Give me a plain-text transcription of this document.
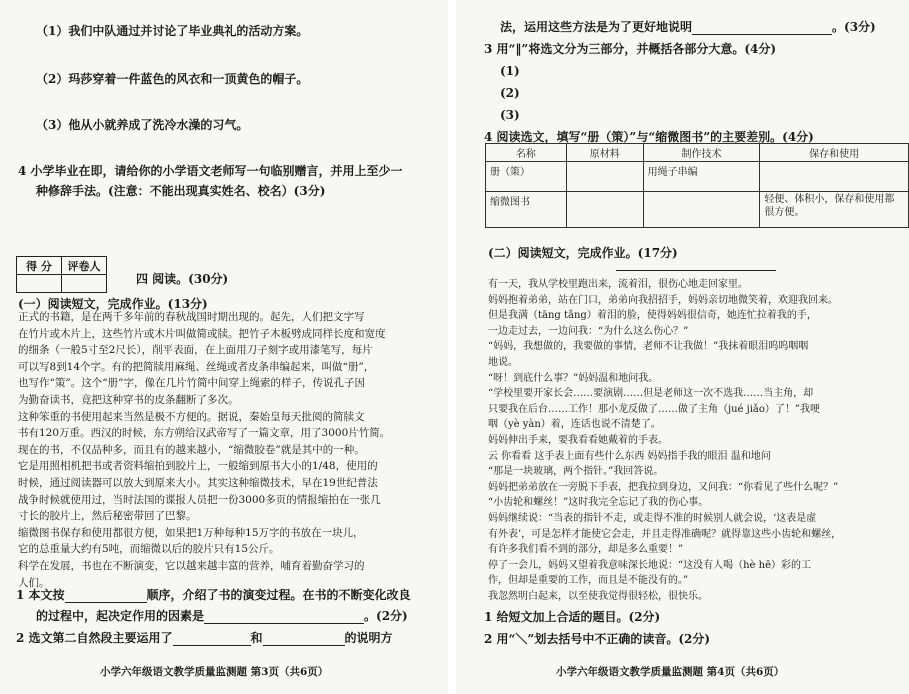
（1）我们中队通过并讨论了毕业典礼的活动方案。
（2）玛莎穿着一件蓝色的风衣和一顶黄色的帽子。
（3）他从小就养成了洗冷水澡的习气。
4 小学毕业在即，请给你的小学语文老师写一句临别赠言，并用上至少一
种修辞手法。(注意：不能出现真实姓名、校名）(3分)
得 分	评卷人

四 阅读。(30分)
(一）阅读短文，完成作业。(13分)
正式的书籍，是在两千多年前的春秋战国时期出现的。起先，人们把文字写
在竹片或木片上，这些竹片或木片叫做简或牍。把竹子木板劈成同样长度和宽度
的细条（一般5寸至2尺长），削平表面，在上面用刀子刻字或用漆笔写，每片
可以写8到14个字。有的把简牍用麻绳、丝绳或者皮条串编起来，叫做“册”，
也写作“策”。这个“册”字，像在几片竹简中间穿上绳索的样子，传说孔子因
为勤奋读书，竟把这种穿书的皮条翻断了多次。
这种笨重的书使用起来当然是极不方便的。据说，秦始皇每天批阅的简牍文
书有120万重。西汉的时候，东方朔给汉武帝写了一篇文章，用了3000片竹简。
现在的书，不仅品种多，而且有的越来越小，“缩微胶卷”就是其中的一种。
它是用照相机把书或者资料缩拍到胶片上，一般缩到原书大小的1/48，使用的
时候，通过阅读器可以放大到原来大小。其实这种缩微技术，早在19世纪普法
战争时候就使用过，当时法国的谍报人员把一份3000多页的情报缩拍在一张几
寸长的胶片上，然后秘密带回了巴黎。
缩微图书保存和使用都很方便，如果把1万种每种15万字的书放在一块儿，
它的总重量大约有5吨，而缩微以后的胶片只有15公斤。
科学在发展，书也在不断演变，它以越来越丰富的营养，哺育着勤奋学习的
人们。
1 本文按	顺序，介绍了书的演变过程。在书的不断变化改良
的过程中，起决定作用的因素是	。(2分)
2 选文第二自然段主要运用了	和	的说明方
小学六年级语文教学质量监测题 第3页（共6页）
法，运用这些方法是为了更好地说明	。(3分)
3 用“‖”将选文分为三部分，并概括各部分大意。(4分)
(1)
(2)
(3)
4 阅读选文，填写“册（策）”与“缩微图书”的主要差别。(4分)
名称	原材料	制作技术	保存和使用
册（策）		用绳子串编	
缩微图书			轻便、体积小，保存和使用都很方便。
(二）阅读短文，完成作业。(17分)
有一天，我从学校里跑出来，流着泪，很伤心地走回家里。
妈妈抱着弟弟，站在门口，弟弟向我招招手，妈妈亲切地微笑着，欢迎我回来。
但是我满（tāng tǎng）着泪的脸，使得妈妈很信奇，她连忙拉着我的手，
一边走过去，一边问我：“为什么这么伤心？”
“妈妈，我想做的，我要做的事情，老师不让我做！”我抹着眼泪呜呜咽咽
地说。
“呀！到底什么事？”妈妈温和地问我。
“学校里要开家长会……要演剧……但是老师这一次不选我……当主角，却
只要我在后台……工作！那小龙反做了……做了主角（jué jiǎo）了！”我哽
咽（yè yàn）着，连话也说不清楚了。
妈妈伸出手来，要我看看她戴着的手表。
云 你看看 这手表上面有些什么东西 妈妈指手我的眼泪 温和地问
“那是一块玻璃，两个指针。”我回答说。
妈妈把弟弟放在一旁脱下手表，把我拉到身边，又问我：“你看见了些什么呢？”
“小齿轮和螺丝！”这时我完全忘记了我的伤心事。
妈妈继续说：“当表的指针不走，或走得不准的时候别人就会说，‘这表是虚
有外表’，可是怎样才能使它会走，并且走得准确呢？就得靠这些小齿轮和螺丝，
有许多我们看不到的部分，却是多么重要！”
停了一会儿，妈妈又望着我意味深长地说：“这没有人喝（hè hē）彩的工
作，但却是重要的工作，而且是不能没有的。”
我忽然明白起来，以至使我觉得很轻松，很快乐。
1 给短文加上合适的题目。(2分)
2 用“＼”划去括号中不正确的读音。(2分)
小学六年级语文教学质量监测题 第4页（共6页）
